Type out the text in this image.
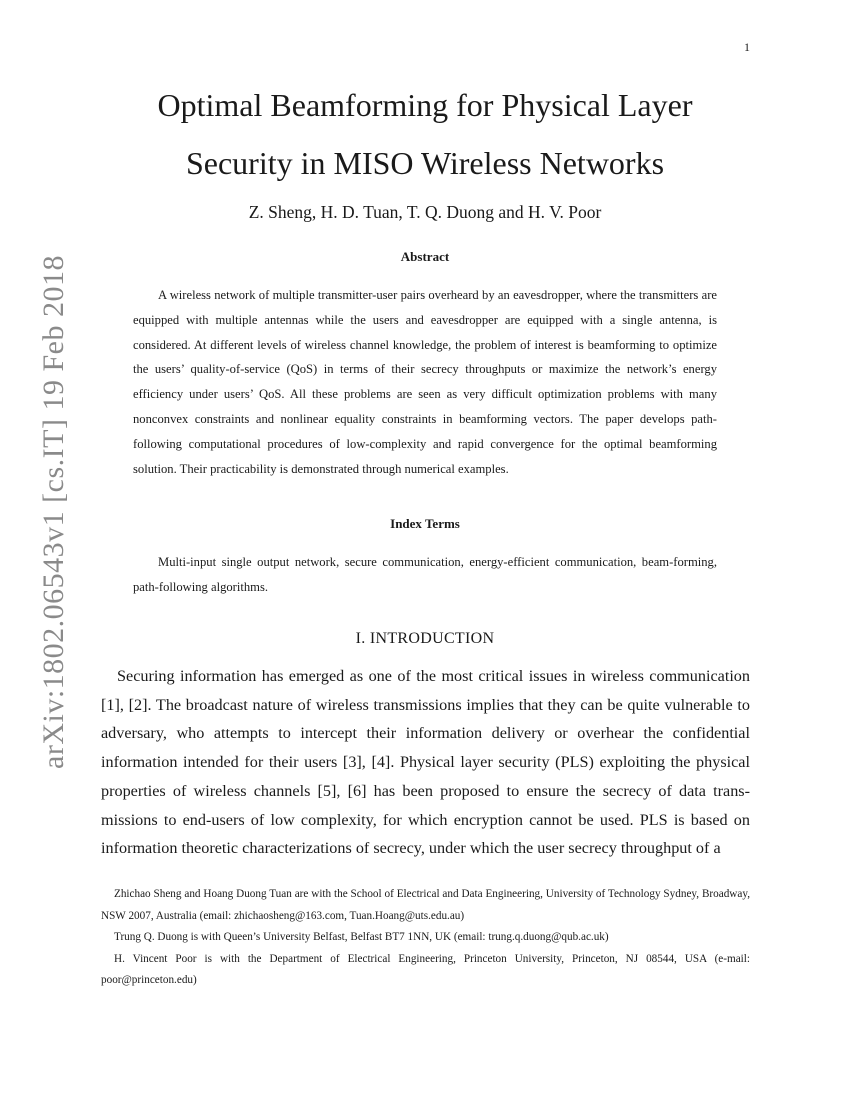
1
arXiv:1802.06543v1 [cs.IT] 19 Feb 2018
Optimal Beamforming for Physical Layer
Security in MISO Wireless Networks
Z. Sheng, H. D. Tuan, T. Q. Duong and H. V. Poor
Abstract

A wireless network of multiple transmitter-user pairs overheard by an eavesdropper, where the transmitters are equipped with multiple antennas while the users and eavesdropper are equipped with a single antenna, is considered. At different levels of wireless channel knowledge, the problem of interest is beamforming to optimize the users’ quality-of-service (QoS) in terms of their secrecy throughputs or maximize the network’s energy efficiency under users’ QoS. All these problems are seen as very difficult optimization problems with many nonconvex constraints and nonlinear equality constraints in beamforming vectors. The paper develops path-following computational procedures of low-complexity and rapid convergence for the optimal beamforming solution. Their practicability is demonstrated through numerical examples.

Index Terms

Multi-input single output network, secure communication, energy-efficient communication, beam-forming, path-following algorithms.

I. INTRODUCTION

Securing information has emerged as one of the most critical issues in wireless communication [1], [2]. The broadcast nature of wireless transmissions implies that they can be quite vulnerable to adversary, who attempts to intercept their information delivery or overhear the confidential information intended for their users [3], [4]. Physical layer security (PLS) exploiting the physical properties of wireless channels [5], [6] has been proposed to ensure the secrecy of data trans-missions to end-users of low complexity, for which encryption cannot be used. PLS is based on information theoretic characterizations of secrecy, under which the user secrecy throughput of a

Zhichao Sheng and Hoang Duong Tuan are with the School of Electrical and Data Engineering, University of Technology Sydney, Broadway, NSW 2007, Australia (email: zhichaosheng@163.com, Tuan.Hoang@uts.edu.au)

Trung Q. Duong is with Queen’s University Belfast, Belfast BT7 1NN, UK (email: trung.q.duong@qub.ac.uk)

H. Vincent Poor is with the Department of Electrical Engineering, Princeton University, Princeton, NJ 08544, USA (e-mail: poor@princeton.edu)
